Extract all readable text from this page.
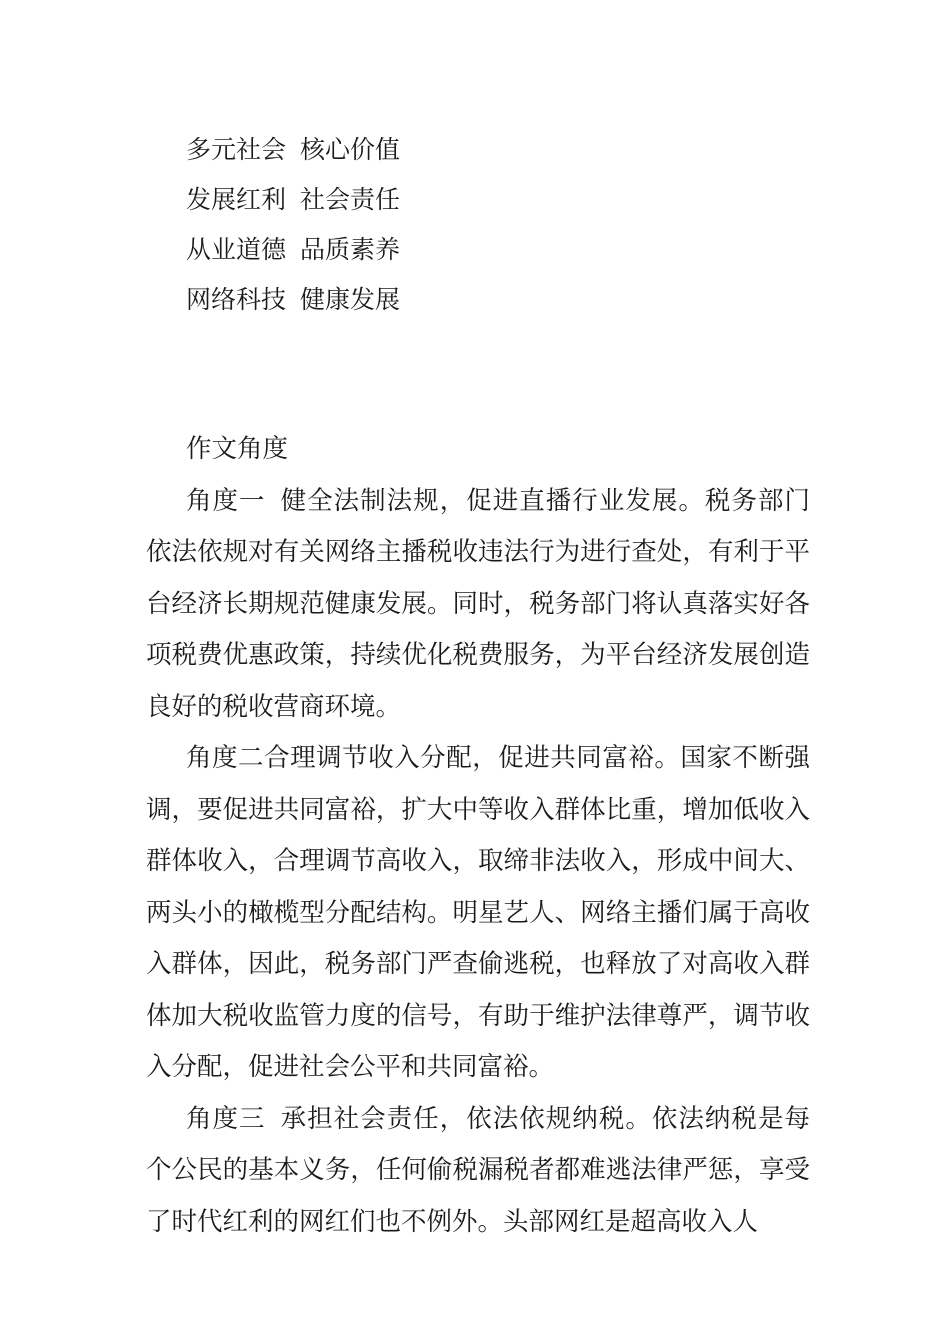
多元社会 核心价值
发展红利 社会责任
从业道德 品质素养
网络科技 健康发展

作文角度

角度一 健全法制法规，促进直播行业发展。税务部门依法依规对有关网络主播税收违法行为进行查处，有利于平台经济长期规范健康发展。同时，税务部门将认真落实好各项税费优惠政策，持续优化税费服务，为平台经济发展创造良好的税收营商环境。

角度二合理调节收入分配，促进共同富裕。国家不断强调，要促进共同富裕，扩大中等收入群体比重，增加低收入群体收入，合理调节高收入，取缔非法收入，形成中间大、两头小的橄榄型分配结构。明星艺人、网络主播们属于高收入群体，因此，税务部门严查偷逃税，也释放了对高收入群体加大税收监管力度的信号，有助于维护法律尊严，调节收入分配，促进社会公平和共同富裕。

角度三 承担社会责任，依法依规纳税。依法纳税是每个公民的基本义务，任何偷税漏税者都难逃法律严惩，享受了时代红利的网红们也不例外。头部网红是超高收入人
